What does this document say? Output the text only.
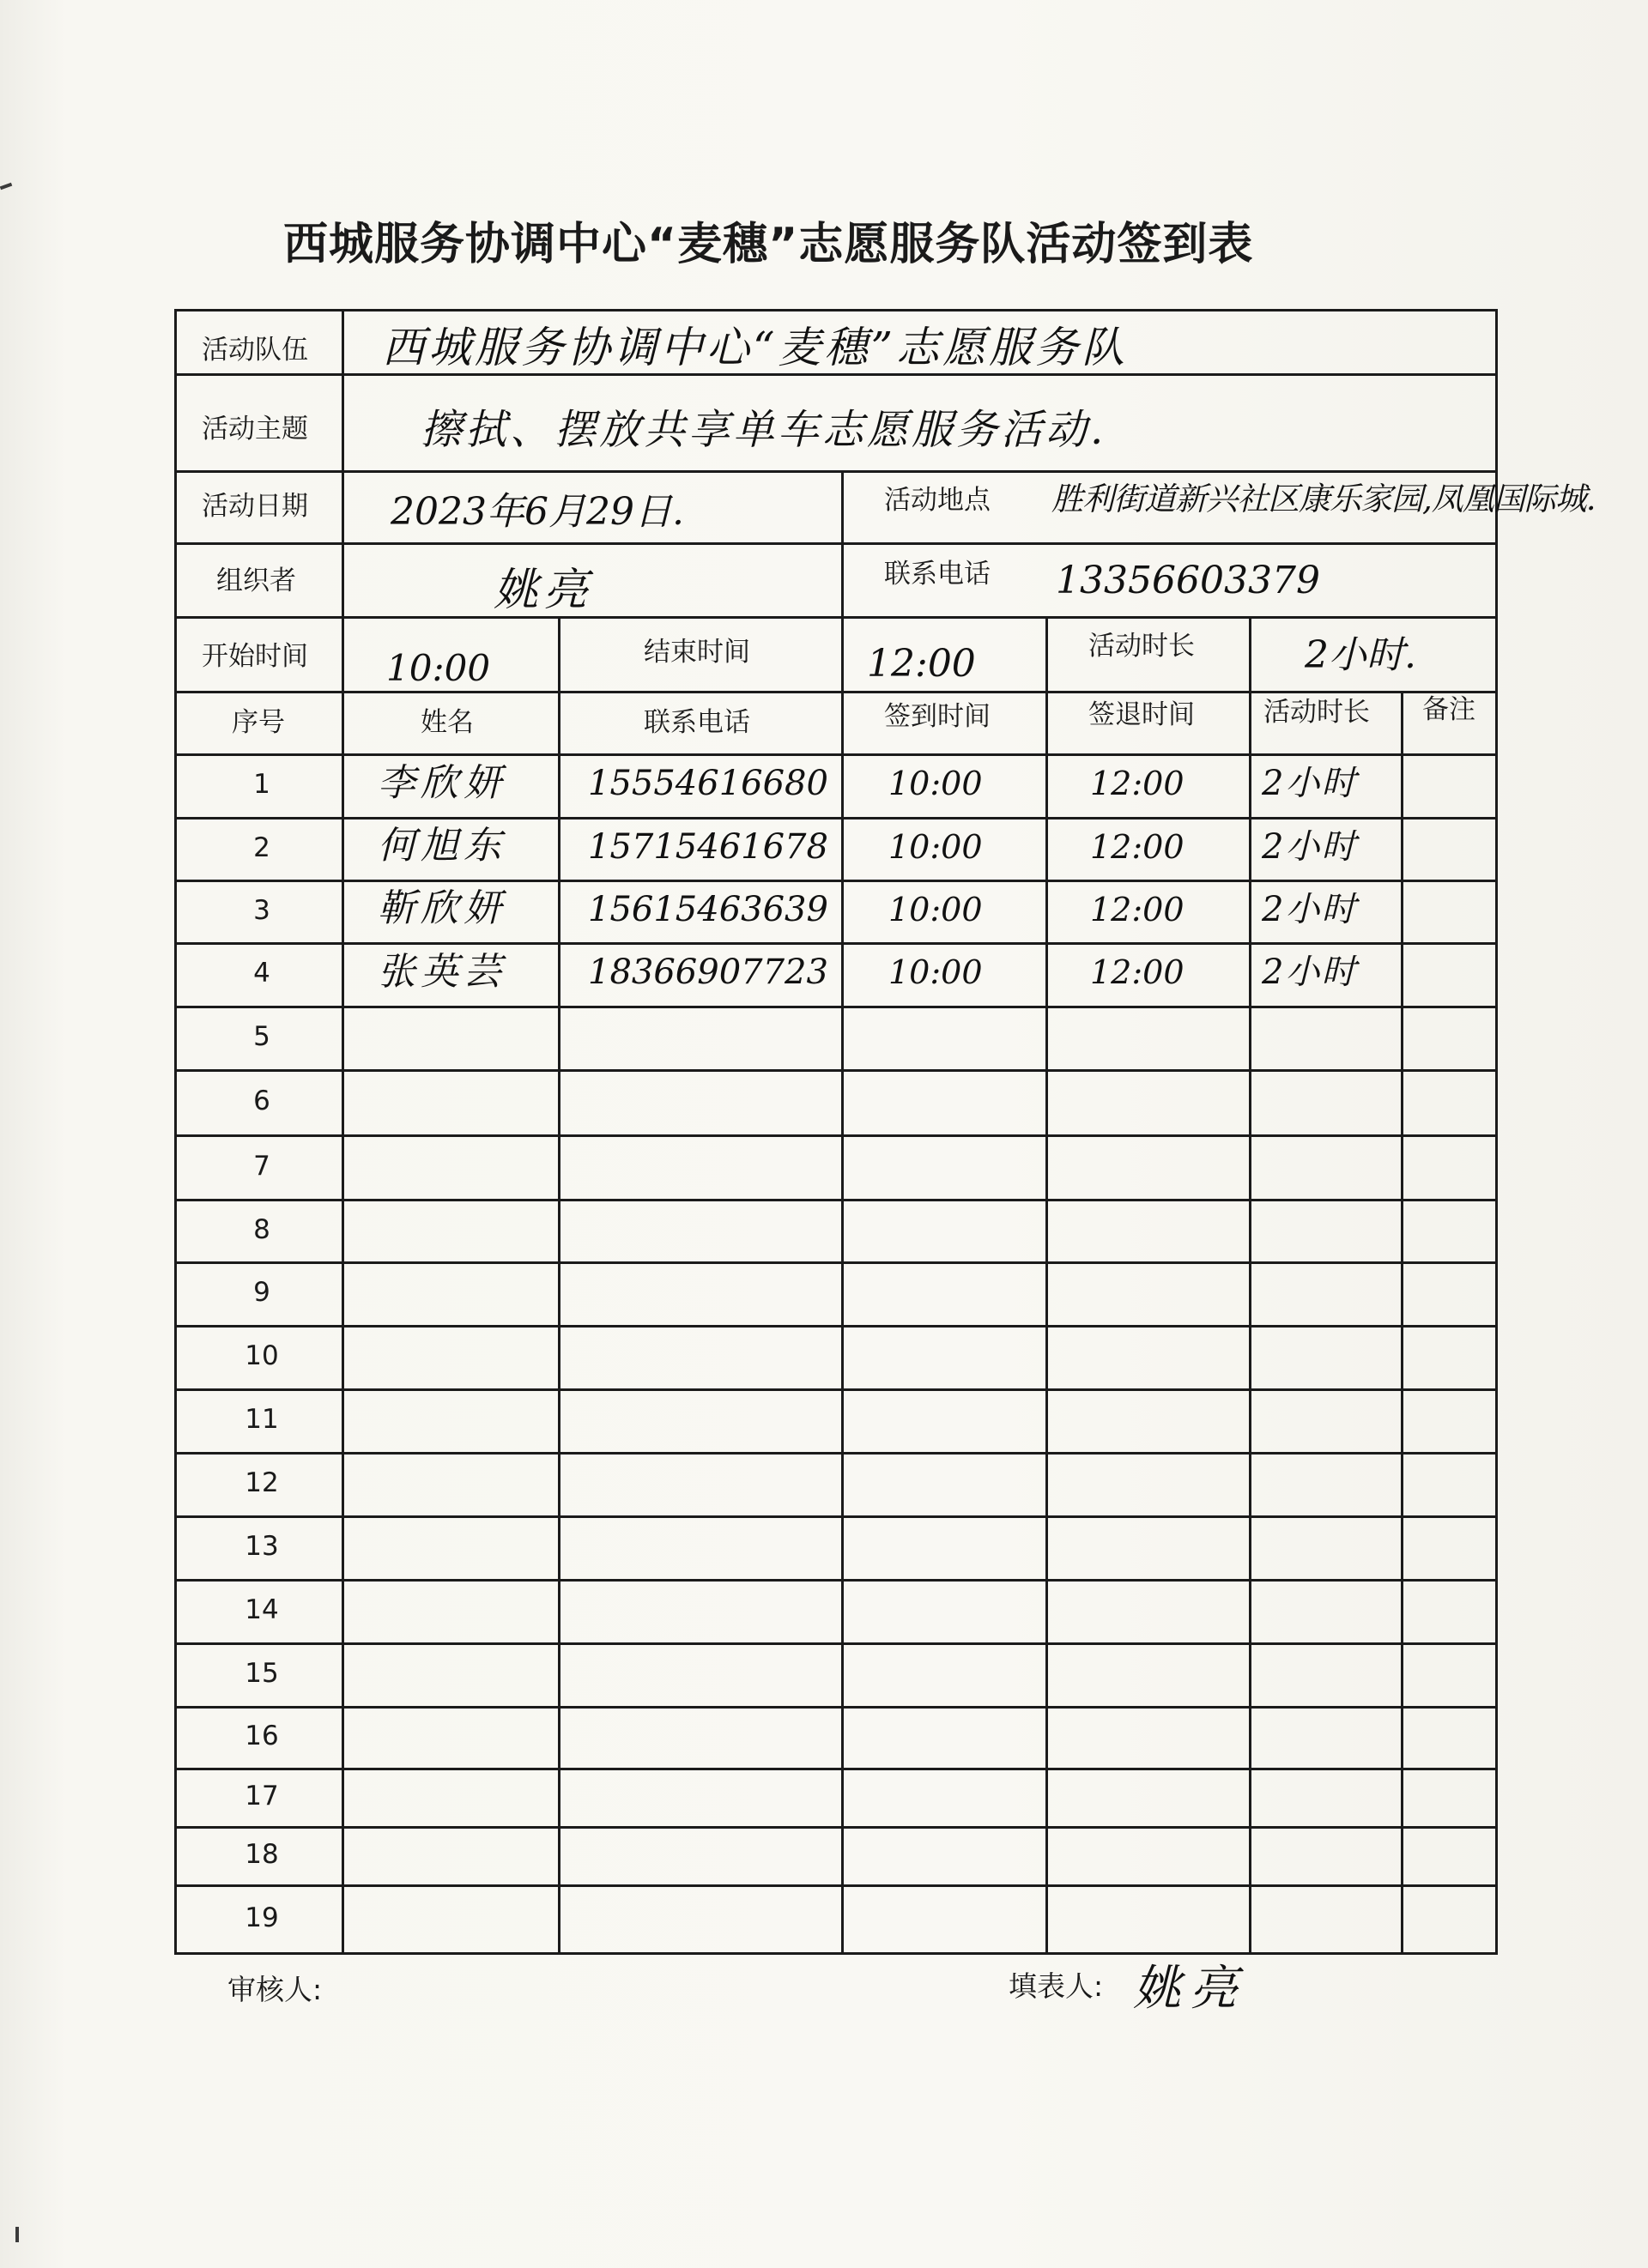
西城服务协调中心“麦穗”志愿服务队活动签到表
活动队伍 西城服务协调中心“麦穗”志愿服务队
活动主题	擦拭、摆放共享单车志愿服务活动.
活动日期 2023年6月29日.	活动地点 胜利街道新兴社区康乐家园,凤凰国际城.
组织者	姚亮	联系电话 13356603379
开始时间 10:00	结束时间	12:00	活动时长	2小时.
序号	姓名	联系电话	签到时间	签退时间	活动时长 备注
1	李欣妍 15554616680 10:00	12:00 2小时
2	何旭东 15715461678 10:00	12:00 2小时
3	靳欣妍 15615463639 10:00	12:00 2小时
4	张英芸 18366907723 10:00	12:00 2小时
5
6
7
8
9
10
11
12
13
14
15
16
17
18
19
审核人:	填表人: 姚亮
